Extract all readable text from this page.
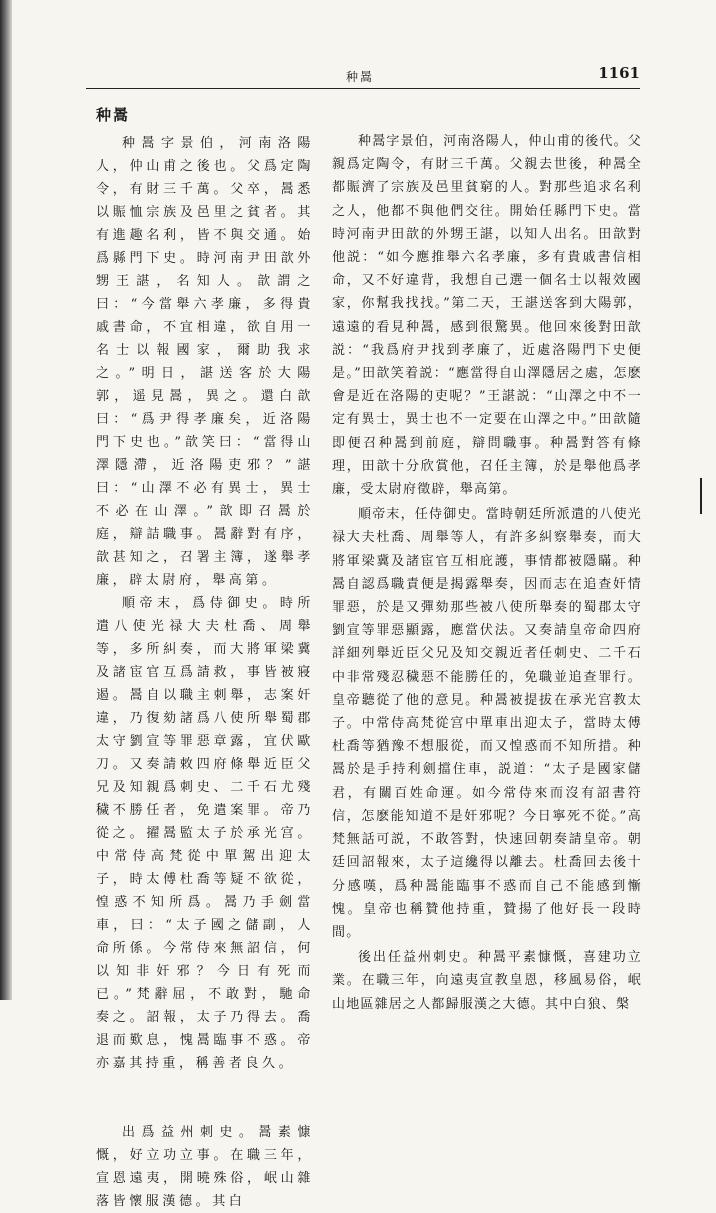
种暠	1161
种暠

种暠字景伯，河南洛陽人，仲山甫之後也。父爲定陶令，有財三千萬。父卒，暠悉以賑恤宗族及邑里之貧者。其有進趣名利，皆不與交通。始爲縣門下史。時河南尹田歆外甥王諶，名知人。歆謂之曰：“今當舉六孝廉，多得貴戚書命，不宜相違，欲自用一名士以報國家，爾助我求之。”明日，諶送客於大陽郭，遥見暠，異之。還白歆曰：“爲尹得孝廉矣，近洛陽門下史也。”歆笑曰：“當得山澤隱滯，近洛陽吏邪？”諶曰：“山澤不必有異士，異士不必在山澤。”歆即召暠於庭，辯詰職事。暠辭對有序，歆甚知之，召署主簿，遂舉孝廉，辟太尉府，舉高第。

順帝末，爲侍御史。時所遣八使光禄大夫杜喬、周舉等，多所糾奏，而大將軍梁冀及諸宦官互爲請救，事皆被寢遏。暠自以職主刺舉，志案奸違，乃復劾諸爲八使所舉蜀郡太守劉宣等罪惡章露，宜伏歐刀。又奏請敕四府條舉近臣父兄及知親爲刺史、二千石尤殘穢不勝任者，免遣案罪。帝乃從之。擢暠監太子於承光宫。中常侍高梵從中單駕出迎太子，時太傅杜喬等疑不欲從，惶惑不知所爲。暠乃手劍當車，曰：“太子國之儲副，人命所係。今常侍來無詔信，何以知非奸邪？今日有死而已。”梵辭屈，不敢對，馳命奏之。詔報，太子乃得去。喬退而歎息，愧暠臨事不惑。帝亦嘉其持重，稱善者良久。

出爲益州刺史。暠素慷慨，好立功立事。在職三年，宣恩遠夷，開曉殊俗，岷山雜落皆懷服漢德。其白

种暠字景伯，河南洛陽人，仲山甫的後代。父親爲定陶令，有財三千萬。父親去世後，种暠全都賑濟了宗族及邑里貧窮的人。對那些追求名利之人，他都不與他們交往。開始任縣門下史。當時河南尹田歆的外甥王諶，以知人出名。田歆對他説：“如今應推舉六名孝廉，多有貴戚書信相命，又不好違背，我想自己選一個名士以報效國家，你幫我找找。”第二天，王諶送客到大陽郭，遠遠的看見种暠，感到很驚異。他回來後對田歆説：“我爲府尹找到孝廉了，近處洛陽門下史便是。”田歆笑着説：“應當得自山澤隱居之處，怎麽會是近在洛陽的吏呢？”王諶説：“山澤之中不一定有異士，異士也不一定要在山澤之中。”田歆隨即便召种暠到前庭，辯問職事。种暠對答有條理，田歆十分欣賞他，召任主簿，於是舉他爲孝廉，受太尉府徵辟，舉高第。

順帝末，任侍御史。當時朝廷所派遣的八使光禄大夫杜喬、周舉等人，有許多糾察舉奏，而大將軍梁冀及諸宦官互相庇護，事情都被隱瞞。种暠自認爲職責便是揭露舉奏，因而志在追查奸情罪惡，於是又彈劾那些被八使所舉奏的蜀郡太守劉宣等罪惡顯露，應當伏法。又奏請皇帝命四府詳細列舉近臣父兄及知交親近者任刺史、二千石中非常殘忍穢惡不能勝任的，免職並追查罪行。皇帝聽從了他的意見。种暠被提拔在承光宫教太子。中常侍高梵從宫中單車出迎太子，當時太傅杜喬等猶豫不想服從，而又惶惑而不知所措。种暠於是手持利劍擋住車，説道：“太子是國家儲君，有關百姓命運。如今常侍來而沒有詔書符信，怎麽能知道不是奸邪呢？今日寧死不從。”高梵無話可説，不敢答對，快速回朝奏請皇帝。朝廷回詔報來，太子這纔得以離去。杜喬回去後十分感嘆，爲种暠能臨事不惑而自己不能感到慚愧。皇帝也稱贊他持重，贊揚了他好長一段時間。

後出任益州刺史。种暠平素慷慨，喜建功立業。在職三年，向遠夷宣教皇恩，移風易俗，岷山地區雜居之人都歸服漢之大德。其中白狼、槃
